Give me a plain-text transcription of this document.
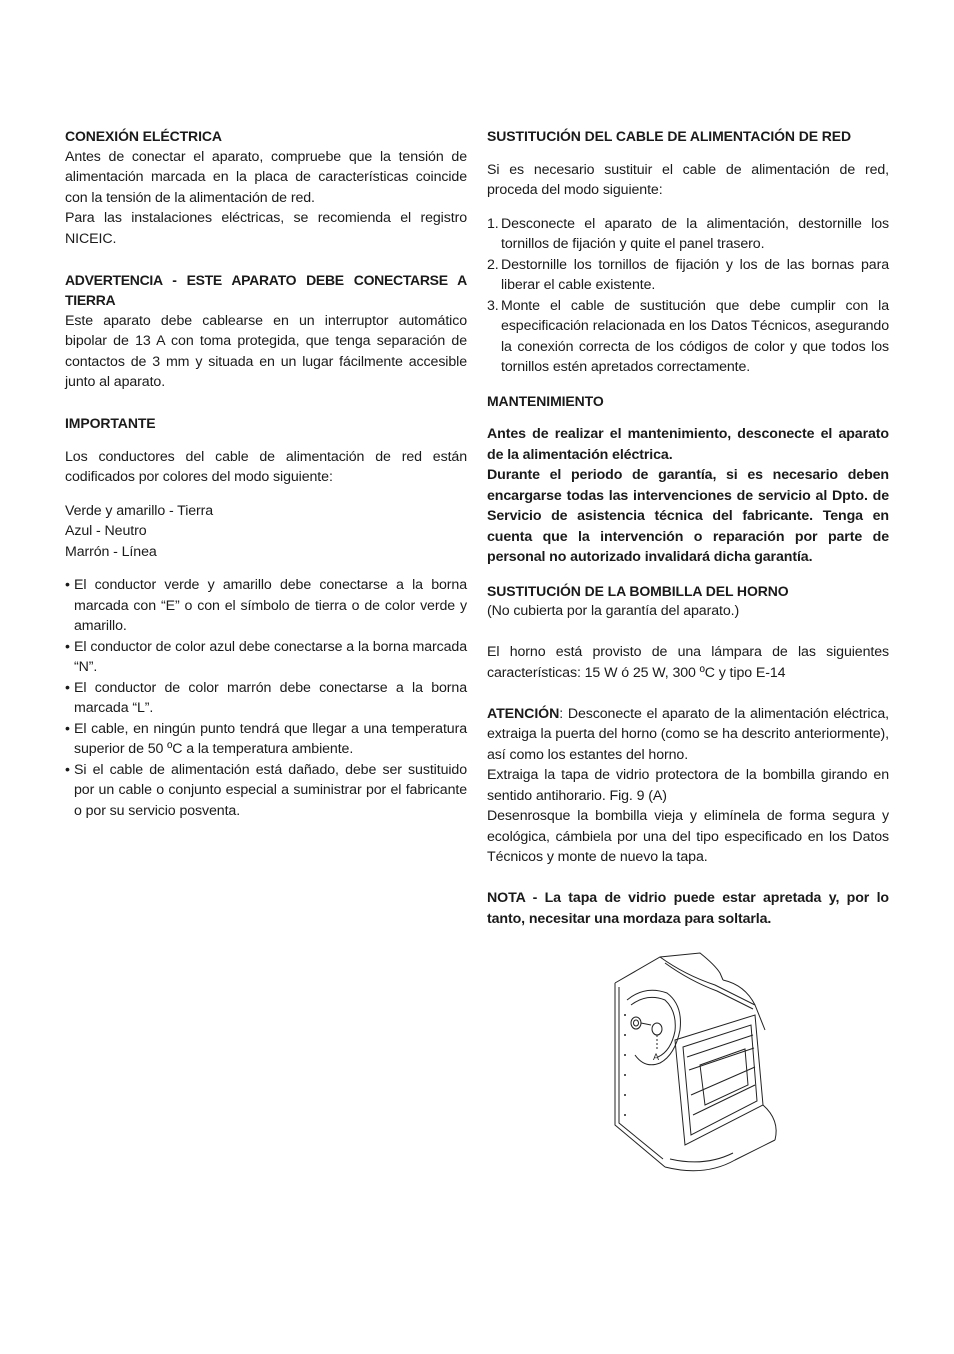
CONEXIÓN ELÉCTRICA

Antes de conectar el aparato, compruebe que la tensión de alimentación marcada en la placa de características coincide con la tensión de la alimentación de red.

Para las instalaciones eléctricas, se recomienda el registro NICEIC.

ADVERTENCIA - ESTE APARATO DEBE CONECTARSE A TIERRA

Este aparato debe cablearse en un interruptor automático bipolar de 13 A con toma protegida, que tenga separación de contactos de 3 mm y situada en un lugar fácilmente accesible junto al aparato.

IMPORTANTE

Los conductores del cable de alimentación de red están codificados por colores del modo siguiente:

Verde y amarillo - Tierra

Azul - Neutro

Marrón - Línea

• El conductor verde y amarillo debe conectarse a la borna marcada con “E” o con el símbolo de tierra o de color verde y amarillo.
• El conductor de color azul debe conectarse a la borna marcada “N”.
• El conductor de color marrón debe conectarse a la borna marcada “L”.
• El cable, en ningún punto tendrá que llegar a una temperatura superior de 50 ºC a la temperatura ambiente.
• Si el cable de alimentación está dañado, debe ser sustituido por un cable o conjunto especial a suministrar por el fabricante o por su servicio posventa.

SUSTITUCIÓN DEL CABLE DE ALIMENTACIÓN DE RED

Si es necesario sustituir el cable de alimentación de red, proceda del modo siguiente:

1. Desconecte el aparato de la alimentación, destornille los tornillos de fijación y quite el panel trasero.
2. Destornille los tornillos de fijación y los de las bornas para liberar el cable existente.
3. Monte el cable de sustitución que debe cumplir con la especificación relacionada en los Datos Técnicos, asegurando la conexión correcta de los códigos de color y que todos los tornillos estén apretados correctamente.

MANTENIMIENTO

Antes de realizar el mantenimiento, desconecte el aparato de la alimentación eléctrica.

Durante el periodo de garantía, si es necesario deben encargarse todas las intervenciones de servicio al Dpto. de Servicio de asistencia técnica del fabricante. Tenga en cuenta que la intervención o reparación por parte de personal no autorizado invalidará dicha garantía.

SUSTITUCIÓN DE LA BOMBILLA DEL HORNO

(No cubierta por la garantía del aparato.)

El horno está provisto de una lámpara de las siguientes características: 15 W ó 25 W, 300 ºC y tipo E-14

ATENCIÓN: Desconecte el aparato de la alimentación eléctrica, extraiga la puerta del horno (como se ha descrito anteriormente), así como los estantes del horno.

Extraiga la tapa de vidrio protectora de la bombilla girando en sentido antihorario. Fig. 9 (A)

Desenrosque la bombilla vieja y elimínela de forma segura y ecológica, cámbiela por una del tipo especificado en los Datos Técnicos y monte de nuevo la tapa.

NOTA - La tapa de vidrio puede estar apretada y, por lo tanto, necesitar una mordaza para soltarla.

A
